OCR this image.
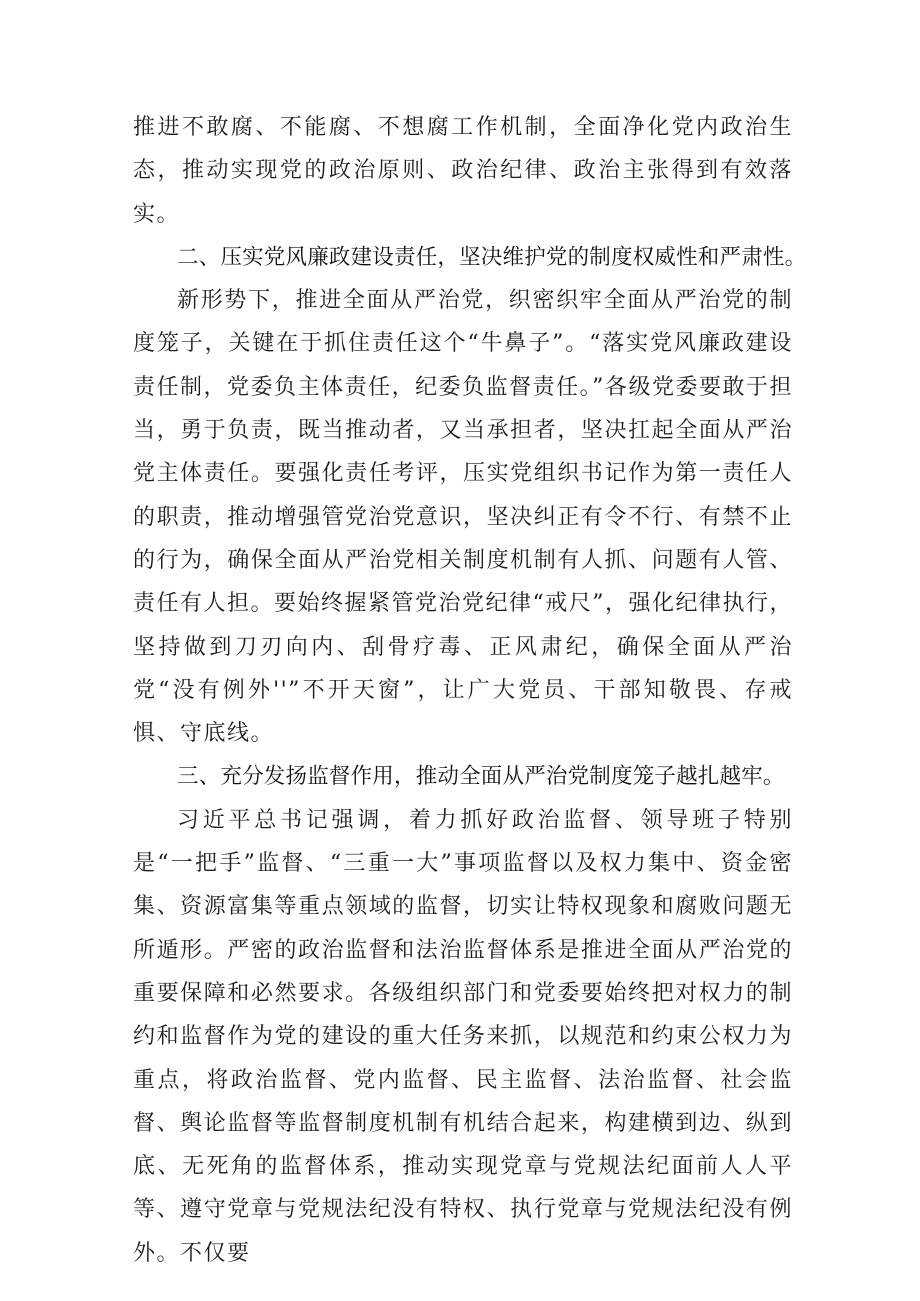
推进不敢腐、不能腐、不想腐工作机制，全面净化党内政治生态，推动实现党的政治原则、政治纪律、政治主张得到有效落实。

二、压实党风廉政建设责任，坚决维护党的制度权威性和严肃性。

新形势下，推进全面从严治党，织密织牢全面从严治党的制度笼子，关键在于抓住责任这个“牛鼻子”。“落实党风廉政建设责任制，党委负主体责任，纪委负监督责任。”各级党委要敢于担当，勇于负责，既当推动者，又当承担者，坚决扛起全面从严治党主体责任。要强化责任考评，压实党组织书记作为第一责任人的职责，推动增强管党治党意识，坚决纠正有令不行、有禁不止的行为，确保全面从严治党相关制度机制有人抓、问题有人管、责任有人担。要始终握紧管党治党纪律“戒尺”，强化纪律执行，坚持做到刀刃向内、刮骨疗毒、正风肃纪，确保全面从严治党“没有例外''”不开天窗”，让广大党员、干部知敬畏、存戒惧、守底线。

三、充分发扬监督作用，推动全面从严治党制度笼子越扎越牢。

习近平总书记强调，着力抓好政治监督、领导班子特别是“一把手”监督、“三重一大”事项监督以及权力集中、资金密集、资源富集等重点领域的监督，切实让特权现象和腐败问题无所遁形。严密的政治监督和法治监督体系是推进全面从严治党的重要保障和必然要求。各级组织部门和党委要始终把对权力的制约和监督作为党的建设的重大任务来抓，以规范和约束公权力为重点，将政治监督、党内监督、民主监督、法治监督、社会监督、舆论监督等监督制度机制有机结合起来，构建横到边、纵到底、无死角的监督体系，推动实现党章与党规法纪面前人人平等、遵守党章与党规法纪没有特权、执行党章与党规法纪没有例外。不仅要
